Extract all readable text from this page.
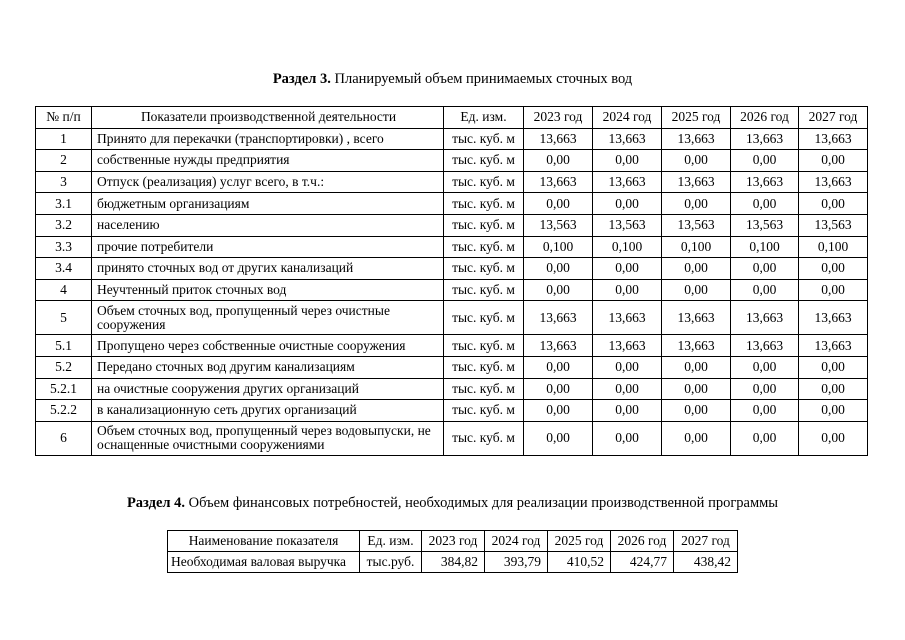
Раздел 3. Планируемый объем принимаемых сточных вод
№ п/п	Показатели производственной деятельности	Ед. изм.	2023 год	2024 год	2025 год	2026 год	2027 год
1	Принято для перекачки (транспортировки) , всего	тыс. куб. м	13,663	13,663	13,663	13,663	13,663
2	собственные нужды предприятия	тыс. куб. м	0,00	0,00	0,00	0,00	0,00
3	Отпуск (реализация) услуг всего, в т.ч.:	тыс. куб. м	13,663	13,663	13,663	13,663	13,663
3.1	бюджетным организациям	тыс. куб. м	0,00	0,00	0,00	0,00	0,00
3.2	населению	тыс. куб. м	13,563	13,563	13,563	13,563	13,563
3.3	прочие потребители	тыс. куб. м	0,100	0,100	0,100	0,100	0,100
3.4	принято сточных вод от других канализаций	тыс. куб. м	0,00	0,00	0,00	0,00	0,00
4	Неучтенный приток сточных вод	тыс. куб. м	0,00	0,00	0,00	0,00	0,00
5	Объем сточных вод, пропущенный через очистные сооружения	тыс. куб. м	13,663	13,663	13,663	13,663	13,663
5.1	Пропущено через собственные очистные сооружения	тыс. куб. м	13,663	13,663	13,663	13,663	13,663
5.2	Передано сточных вод другим канализациям	тыс. куб. м	0,00	0,00	0,00	0,00	0,00
5.2.1	на очистные сооружения других организаций	тыс. куб. м	0,00	0,00	0,00	0,00	0,00
5.2.2	в канализационную сеть других организаций	тыс. куб. м	0,00	0,00	0,00	0,00	0,00
6	Объем сточных вод, пропущенный через водовыпуски, не оснащенные очистными сооружениями	тыс. куб. м	0,00	0,00	0,00	0,00	0,00
Раздел 4. Объем финансовых потребностей, необходимых для реализации производственной программы
Наименование показателя	Ед. изм.	2023 год	2024 год	2025 год	2026 год	2027 год
Необходимая валовая выручка	тыс.руб.	384,82	393,79	410,52	424,77	438,42
